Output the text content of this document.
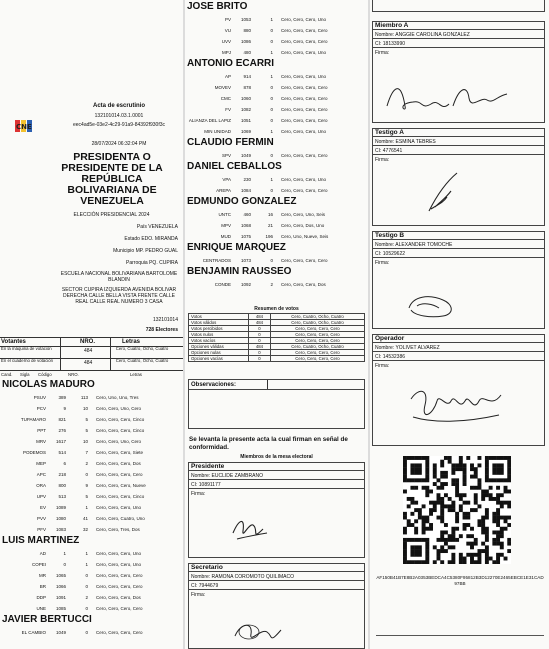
CNE
Acta de escrutinio
132101014.03.1.0001
eec4ad5e-03e2-4c29-91a9-84392f930f3c
28/07/2024 06:32:04 PM
PRESIDENTA O PRESIDENTE DE LA REPÚBLICA BOLIVARIANA DE VENEZUELA
ELECCIÓN PRESIDENCIAL 2024
País VENEZUELA
Estado EDO. MIRANDA
Municipio MP. PEDRO GUAL
Parroquia PQ. CUPIRA
ESCUELA NACIONAL BOLIVARIANA BARTOLOME BLANDIN
SECTOR CUPIRA IZQUIERDA AVENIDA BOLIVAR DERECHA CALLE BELLA VISTA FRENTE CALLE REAL CALLE REAL NUMERO 3 CASA
132101014
728 Electores
Votantes	NRO.	Letras
En la máquina de votación	484	Cero, Cuatro, Ocho, Cuatro
En el cuaderno de votación	484	Cero, Cuatro, Ocho, Cuatro
Cand. Sigla Código	NRO.	Letras
NICOLAS MADURO
PSUV	389	113 Cero, Uno, Uno, Tres
PCV	9	10 Cero, Cero, Uno, Cero
TUPAMARO	821	5 Cero, Cero, Cero, Cinco
PPT	276	5 Cero, Cero, Cero, Cinco
MRV	1617	10 Cero, Cero, Uno, Cero
PODEMOS	514	7 Cero, Cero, Cero, Siete
MEP	6	2 Cero, Cero, Cero, Dos
APC	218	0 Cero, Cero, Cero, Cero
ORA	800	9 Cero, Cero, Cero, Nueve
UPV	513	5 Cero, Cero, Cero, Cinco
EV	1089	1 Cero, Cero, Cero, Uno
PVV	1080	41 Cero, Cero, Cuatro, Uno
PFV	1083	32 Cero, Cero, Tres, Dos
LUIS MARTINEZ
AD	1	1 Cero, Cero, Cero, Uno
COPEI	0	1 Cero, Cero, Cero, Uno
MR	1065	0 Cero, Cero, Cero, Cero
BR	1066	0 Cero, Cero, Cero, Cero
DDP	1091	2 Cero, Cero, Cero, Dos
UNE	1085	0 Cero, Cero, Cero, Cero
JAVIER BERTUCCI
EL CAMBIO	1049	0 Cero, Cero, Cero, Cero
JOSE BRITO
PV	1053	1 Cero, Cero, Cero, Uno
VU	880	0 Cero, Cero, Cero, Cero
UVV	1086	0 Cero, Cero, Cero, Cero
MPJ	480	1 Cero, Cero, Cero, Uno
ANTONIO ECARRI
AP	914	1 Cero, Cero, Cero, Uno
MOVEV	878	0 Cero, Cero, Cero, Cero
CMC	1060	0 Cero, Cero, Cero, Cero
FV	1082	0 Cero, Cero, Cero, Cero
ALIANZA DEL LAPIZ	1051	0 Cero, Cero, Cero, Cero
MIN UNIDAD	1069	1 Cero, Cero, Cero, Uno
CLAUDIO FERMIN
SPV	1049	0 Cero, Cero, Cero, Cero
DANIEL CEBALLOS
VPA	230	1 Cero, Cero, Cero, Uno
AREPA	1084	0 Cero, Cero, Cero, Cero
EDMUNDO GONZALEZ
UNTC	460	16 Cero, Cero, Uno, Seis
MPV	1068	21 Cero, Cero, Dos, Uno
MUD	1075	196 Cero, Uno, Nueve, Seis
ENRIQUE MARQUEZ
CENTRADOS	1073	0 Cero, Cero, Cero, Cero
BENJAMIN RAUSSEO
CONDE	1092	2 Cero, Cero, Cero, Dos
Resumen de votos
Votos	484	Cero, Cuatro, Ocho, Cuatro
Votos válidos	484	Cero, Cuatro, Ocho, Cuatro
Votos percibidos	0	Cero, Cero, Cero, Cero
Votos nulos	0	Cero, Cero, Cero, Cero
Votos vacíos	0	Cero, Cero, Cero, Cero
Opciones válidas	484	Cero, Cuatro, Ocho, Cuatro
Opciones nulas	0	Cero, Cero, Cero, Cero
Opciones vacías	0	Cero, Cero, Cero, Cero
Observaciones:
Se levanta la presente acta la cual firman en señal de conformidad.
Miembros de la mesa electoral
Presidente
Nombre: EUCLIDE ZAMBRANO
CI: 10891177
Firma:
Secretario
Nombre: RAMONA COROMOTO QUILIMACO
CI: 7944679
Firma:
Miembro A
Nombre: ANGGIE CAROLINA GONZALEZ
CI: 18133990
Firma:
Testigo A
Nombre: ESMINA TEBRES
CI: 4776541
Firma:
Testigo B
Nombre: ALEXANDER TOMOCHE
CI: 10529622
Firma:
Operador
Nombre: YOLIVET ALVAREZ
CI: 14532386
Firma:
AF150B41B7E8B2A0353BEDCA4C5380F95812B3D12270E2465EBCE1E31CAD97BB
